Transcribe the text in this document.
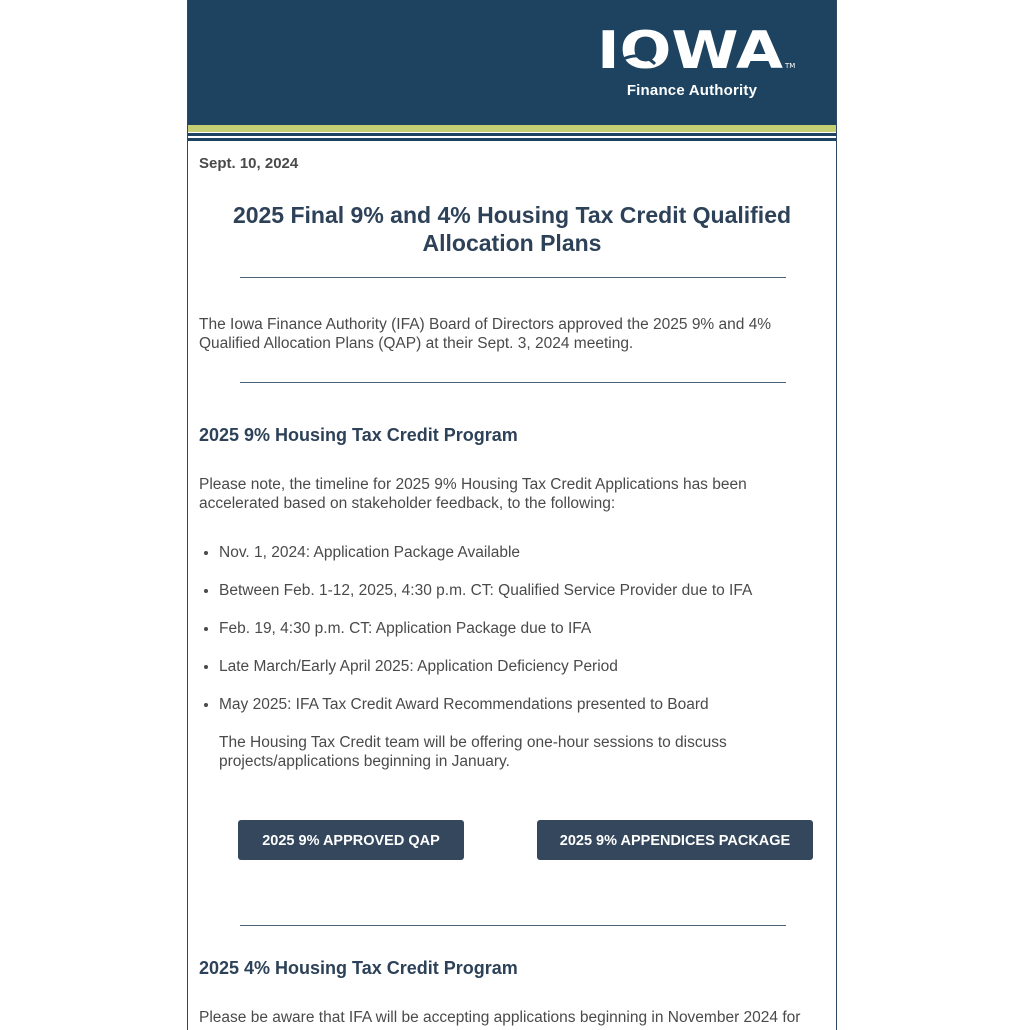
IOWA TM
Finance Authority
Sept. 10, 2024
2025 Final 9% and 4% Housing Tax Credit Qualified Allocation Plans
The Iowa Finance Authority (IFA) Board of Directors approved the 2025 9% and 4% Qualified Allocation Plans (QAP) at their Sept. 3, 2024 meeting.
2025 9% Housing Tax Credit Program
Please note, the timeline for 2025 9% Housing Tax Credit Applications has been accelerated based on stakeholder feedback, to the following:
• Nov. 1, 2024: Application Package Available
• Between Feb. 1-12, 2025, 4:30 p.m. CT: Qualified Service Provider due to IFA
• Feb. 19, 4:30 p.m. CT: Application Package due to IFA
• Late March/Early April 2025: Application Deficiency Period
• May 2025: IFA Tax Credit Award Recommendations presented to Board
The Housing Tax Credit team will be offering one-hour sessions to discuss projects/applications beginning in January.
2025 9% APPROVED QAP	2025 9% APPENDICES PACKAGE
2025 4% Housing Tax Credit Program
Please be aware that IFA will be accepting applications beginning in November 2024 for
